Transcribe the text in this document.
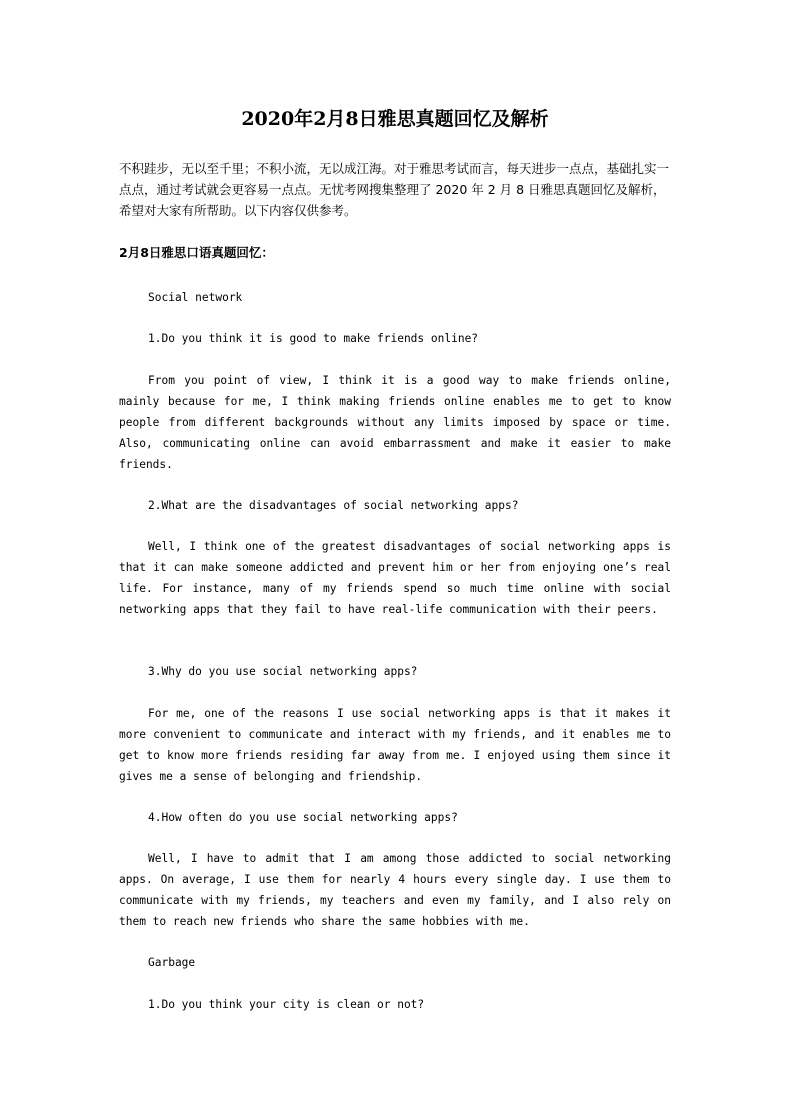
2020年2月8日雅思真题回忆及解析
不积跬步，无以至千里；不积小流，无以成江海。对于雅思考试而言，每天进步一点点，基础扎实一点点，通过考试就会更容易一点点。无忧考网搜集整理了 2020 年 2 月 8 日雅思真题回忆及解析，希望对大家有所帮助。以下内容仅供参考。
2月8日雅思口语真题回忆：
Social network
1.Do you think it is good to make friends online?

From you point of view, I think it is a good way to make friends online, mainly because for me, I think making friends online enables me to get to know people from different backgrounds without any limits imposed by space or time. Also, communicating online can avoid embarrassment and make it easier to make friends.

2.What are the disadvantages of social networking apps?

Well, I think one of the greatest disadvantages of social networking apps is that it can make someone addicted and prevent him or her from enjoying one’s real life. For instance, many of my friends spend so much time online with social networking apps that they fail to have real-life communication with their peers.

3.Why do you use social networking apps?

For me, one of the reasons I use social networking apps is that it makes it more convenient to communicate and interact with my friends, and it enables me to get to know more friends residing far away from me. I enjoyed using them since it gives me a sense of belonging and friendship.

4.How often do you use social networking apps?

Well, I have to admit that I am among those addicted to social networking apps. On average, I use them for nearly 4 hours every single day. I use them to communicate with my friends, my teachers and even my family, and I also rely on them to reach new friends who share the same hobbies with me.

Garbage
1.Do you think your city is clean or not?
